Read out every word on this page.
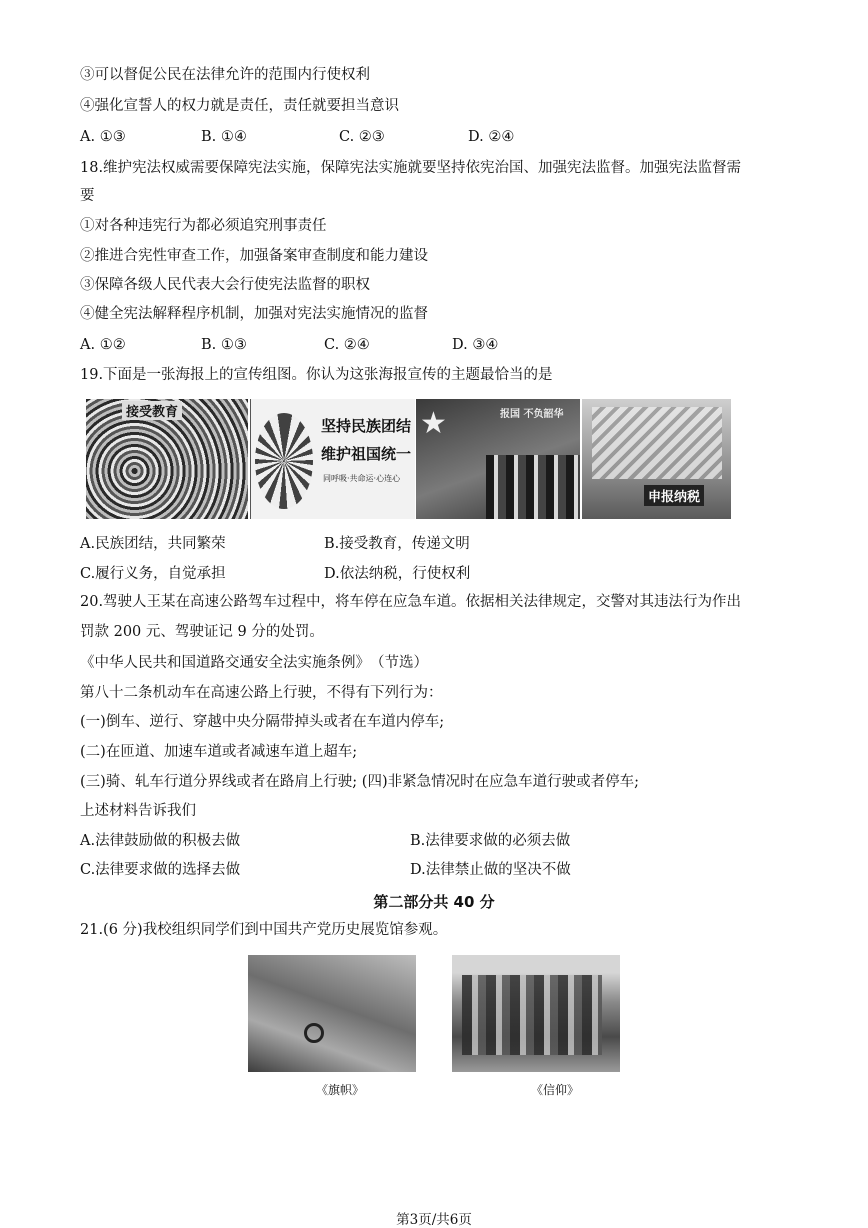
③可以督促公民在法律允许的范围内行使权利
④强化宣誓人的权力就是责任，责任就要担当意识
A. ①③	B. ①④	C. ②③	D. ②④
18.维护宪法权威需要保障宪法实施，保障宪法实施就要坚持依宪治国、加强宪法监督。加强宪法监督需
要
①对各种违宪行为都必须追究刑事责任
②推进合宪性审查工作，加强备案审查制度和能力建设
③保障各级人民代表大会行使宪法监督的职权
④健全宪法解释程序机制，加强对宪法实施情况的监督
A. ①②	B. ①③	C. ②④	D. ③④
19.下面是一张海报上的宣传组图。你认为这张海报宣传的主题最恰当的是
接受教育
坚持民族团结
维护祖国统一
同呼吸·共命运·心连心
★	报国 不负韶华
申报纳税
A.民族团结，共同繁荣	B.接受教育，传递文明
C.履行义务，自觉承担	D.依法纳税，行使权利
20.驾驶人王某在高速公路驾车过程中，将车停在应急车道。依据相关法律规定，交警对其违法行为作出
罚款 200 元、驾驶证记 9 分的处罚。
《中华人民共和国道路交通安全法实施条例》　（节选）
第八十二条机动车在高速公路上行驶，不得有下列行为：
(一)倒车、逆行、穿越中央分隔带掉头或者在车道内停车;
(二)在匝道、加速车道或者减速车道上超车;
(三)骑、轧车行道分界线或者在路肩上行驶; (四)非紧急情况时在应急车道行驶或者停车;
上述材料告诉我们
A.法律鼓励做的积极去做	B.法律要求做的必须去做
C.法律要求做的选择去做	D.法律禁止做的坚决不做
第二部分共 40 分
21.(6 分)我校组织同学们到中国共产党历史展览馆参观。
《旗帜》	《信仰》
第3页/共6页
